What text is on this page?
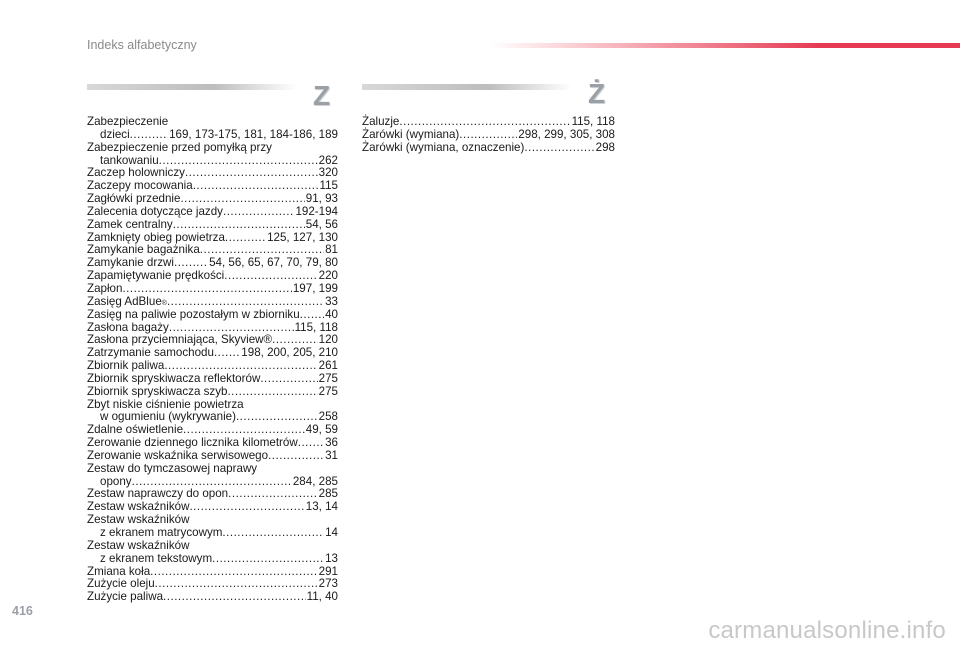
Indeks alfabetyczny
Z	Ż
Zabezpieczenie
dzieci .....	169, 173-175, 181, 184-186, 189
Zabezpieczenie przed pomyłką przy
tankowaniu .....	262
Zaczep holowniczy .....	320
Zaczepy mocowania .....	115
Zagłówki przednie .....	91, 93
Zalecenia dotyczące jazdy .....	192-194
Zamek centralny .....	54, 56
Zamknięty obieg powietrza .....	125, 127, 130
Zamykanie bagażnika .....	81
Zamykanie drzwi .....	54, 56, 65, 67, 70, 79, 80
Zapamiętywanie prędkości .....	220
Zapłon .....	197, 199
Zasięg AdBlue ® .....	33
Zasięg na paliwie pozostałym w zbiorniku ..... 40
Zasłona bagaży .....	115, 118
Zasłona przyciemniająca, Skyview® .....	120
Zatrzymanie samochodu ..... 198, 200, 205, 210
Zbiornik paliwa .....	261
Zbiornik spryskiwacza reflektorów .....	275
Zbiornik spryskiwacza szyb .....	275
Zbyt niskie ciśnienie powietrza
w ogumieniu (wykrywanie) .....	258
Zdalne oświetlenie .....	49, 59
Zerowanie dziennego licznika kilometrów ..... 36
Zerowanie wskaźnika serwisowego .....	31
Zestaw do tymczasowej naprawy
opony .....	284, 285
Zestaw naprawczy do opon .....	285
Zestaw wskaźników .....	13, 14
Zestaw wskaźników
z ekranem matrycowym .....	14
Zestaw wskaźników
z ekranem tekstowym .....	13
Zmiana koła .....	291
Zużycie oleju .....	273
Zużycie paliwa .....	11, 40
Żaluzje .....	115, 118
Żarówki (wymiana) .....	298, 299, 305, 308
Żarówki (wymiana, oznaczenie) .....	298
416
carmanualsonline.info
